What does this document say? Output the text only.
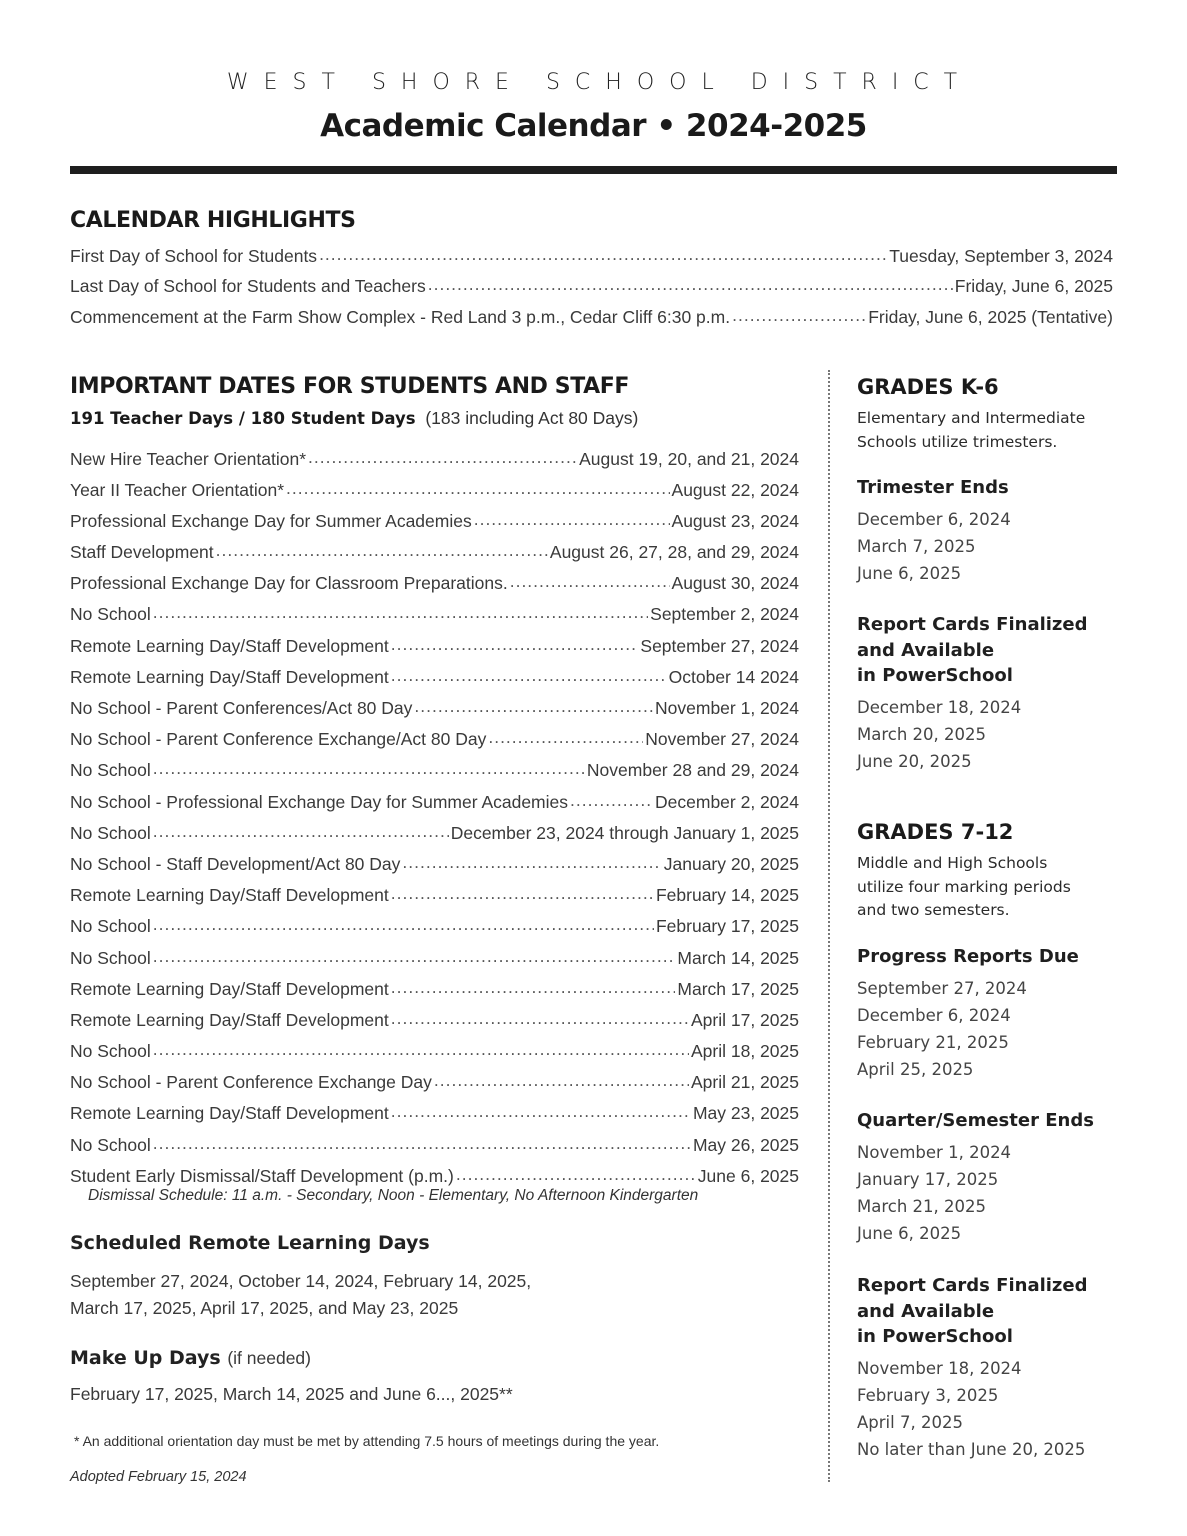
WEST SHORE SCHOOL DISTRICT
Academic Calendar • 2024-2025
CALENDAR HIGHLIGHTS
First Day of School for Students .....	Tuesday, September 3, 2024
Last Day of School for Students and Teachers .....	Friday, June 6, 2025
Commencement at the Farm Show Complex - Red Land 3 p.m., Cedar Cliff 6:30 p.m. .....	Friday, June 6, 2025 (Tentative)
IMPORTANT DATES FOR STUDENTS AND STAFF
191 Teacher Days / 180 Student Days (183 including Act 80 Days)
New Hire Teacher Orientation* .....	August 19, 20, and 21, 2024
Year II Teacher Orientation* .....	August 22, 2024
Professional Exchange Day for Summer Academies .....	August 23, 2024
Staff Development .....	August 26, 27, 28, and 29, 2024
Professional Exchange Day for Classroom Preparations. .....	August 30, 2024
No School .....	September 2, 2024
Remote Learning Day/Staff Development .....	September 27, 2024
Remote Learning Day/Staff Development .....	October 14 2024
No School - Parent Conferences/Act 80 Day .....	November 1, 2024
No School - Parent Conference Exchange/Act 80 Day .....	November 27, 2024
No School .....	November 28 and 29, 2024
No School - Professional Exchange Day for Summer Academies .....	December 2, 2024
No School .....	December 23, 2024 through January 1, 2025
No School - Staff Development/Act 80 Day .....	January 20, 2025
Remote Learning Day/Staff Development .....	February 14, 2025
No School .....	February 17, 2025
No School .....	March 14, 2025
Remote Learning Day/Staff Development .....	March 17, 2025
Remote Learning Day/Staff Development .....	April 17, 2025
No School .....	April 18, 2025
No School - Parent Conference Exchange Day .....	April 21, 2025
Remote Learning Day/Staff Development .....	May 23, 2025
No School .....	May 26, 2025
Student Early Dismissal/Staff Development (p.m.) .....	June 6, 2025
Dismissal Schedule: 11 a.m. - Secondary, Noon - Elementary, No Afternoon Kindergarten
Scheduled Remote Learning Days
September 27, 2024, October 14, 2024, February 14, 2025,
March 17, 2025, April 17, 2025, and May 23, 2025
Make Up Days (if needed)
February 17, 2025, March 14, 2025 and June 6..., 2025**
* An additional orientation day must be met by attending 7.5 hours of meetings during the year.
Adopted February 15, 2024
GRADES K-6
Elementary and Intermediate
Schools utilize trimesters.
Trimester Ends
December 6, 2024
March 7, 2025
June 6, 2025
Report Cards Finalized
and Available
in PowerSchool
December 18, 2024
March 20, 2025
June 20, 2025
GRADES 7-12
Middle and High Schools
utilize four marking periods
and two semesters.
Progress Reports Due
September 27, 2024
December 6, 2024
February 21, 2025
April 25, 2025
Quarter/Semester Ends
November 1, 2024
January 17, 2025
March 21, 2025
June 6, 2025
Report Cards Finalized
and Available
in PowerSchool
November 18, 2024
February 3, 2025
April 7, 2025
No later than June 20, 2025
